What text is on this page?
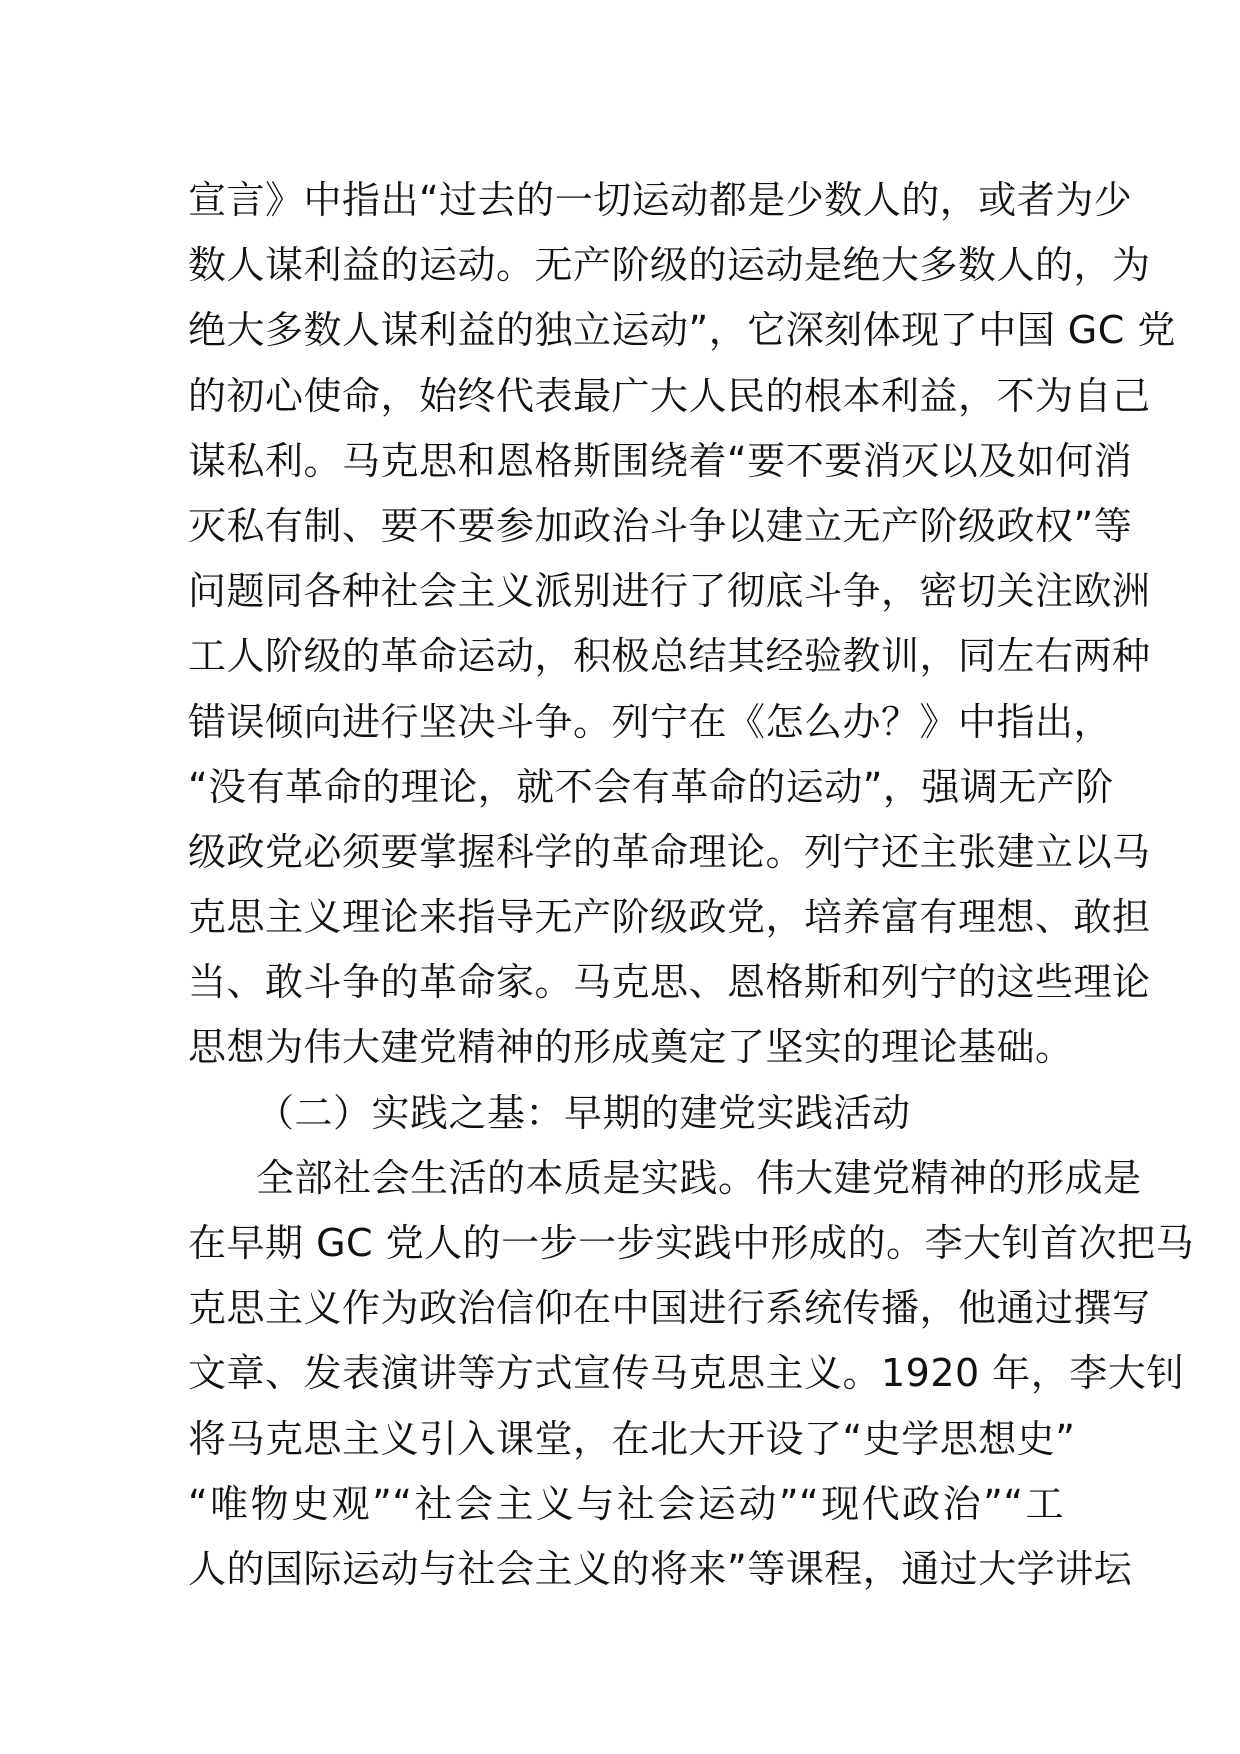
宣言》中指出“过去的一切运动都是少数人的，或者为少
数人谋利益的运动。无产阶级的运动是绝大多数人的，为
绝大多数人谋利益的独立运动”，它深刻体现了中国 GC 党
的初心使命，始终代表最广大人民的根本利益，不为自己
谋私利。马克思和恩格斯围绕着“要不要消灭以及如何消
灭私有制、要不要参加政治斗争以建立无产阶级政权”等
问题同各种社会主义派别进行了彻底斗争，密切关注欧洲
工人阶级的革命运动，积极总结其经验教训，同左右两种
错误倾向进行坚决斗争。列宁在《怎么办？》中指出，
“没有革命的理论，就不会有革命的运动”，强调无产阶
级政党必须要掌握科学的革命理论。列宁还主张建立以马
克思主义理论来指导无产阶级政党，培养富有理想、敢担
当、敢斗争的革命家。马克思、恩格斯和列宁的这些理论
思想为伟大建党精神的形成奠定了坚实的理论基础。
（二）实践之基：早期的建党实践活动
全部社会生活的本质是实践。伟大建党精神的形成是
在早期 GC 党人的一步一步实践中形成的。李大钊首次把马
克思主义作为政治信仰在中国进行系统传播，他通过撰写
文章、发表演讲等方式宣传马克思主义。1920 年，李大钊
将马克思主义引入课堂，在北大开设了“史学思想史”
“唯物史观”“社会主义与社会运动”“现代政治”“工
人的国际运动与社会主义的将来”等课程，通过大学讲坛
